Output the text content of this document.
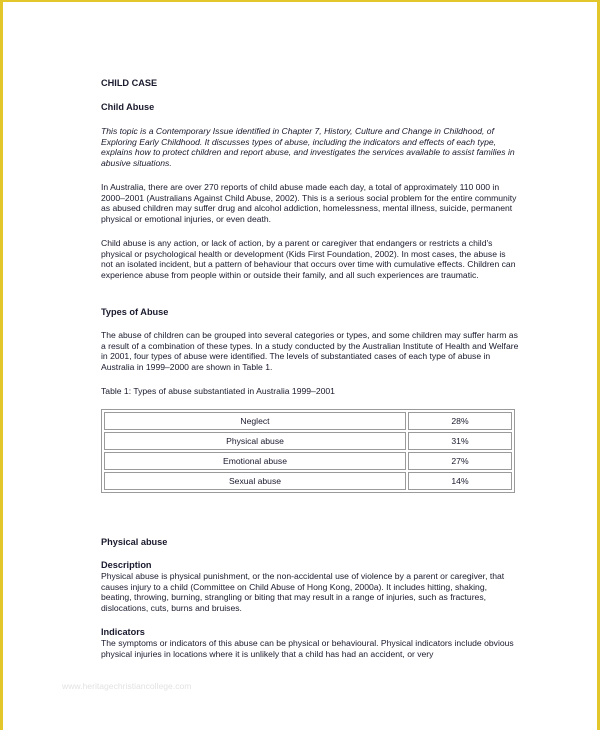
CHILD CASE
Child Abuse

This topic is a Contemporary Issue identified in Chapter 7, History, Culture and Change in Childhood, of Exploring Early Childhood. It discusses types of abuse, including the indicators and effects of each type, explains how to protect children and report abuse, and investigates the services available to assist families in abusive situations.

In Australia, there are over 270 reports of child abuse made each day, a total of approximately 110 000 in 2000–2001 (Australians Against Child Abuse, 2002). This is a serious social problem for the entire community as abused children may suffer drug and alcohol addiction, homelessness, mental illness, suicide, permanent physical or emotional injuries, or even death.

Child abuse is any action, or lack of action, by a parent or caregiver that endangers or restricts a child's physical or psychological health or development (Kids First Foundation, 2002). In most cases, the abuse is not an isolated incident, but a pattern of behaviour that occurs over time with cumulative effects. Children can experience abuse from people within or outside their family, and all such experiences are traumatic.

Types of Abuse

The abuse of children can be grouped into several categories or types, and some children may suffer harm as a result of a combination of these types. In a study conducted by the Australian Institute of Health and Welfare in 2001, four types of abuse were identified. The levels of substantiated cases of each type of abuse in Australia in 1999–2000 are shown in Table 1.

Table 1: Types of abuse substantiated in Australia 1999–2001
Neglect	28%
Physical abuse	31%
Emotional abuse	27%
Sexual abuse	14%
Physical abuse
Description

Physical abuse is physical punishment, or the non-accidental use of violence by a parent or caregiver, that causes injury to a child (Committee on Child Abuse of Hong Kong, 2000a). It includes hitting, shaking, beating, throwing, burning, strangling or biting that may result in a range of injuries, such as fractures, dislocations, cuts, burns and bruises.

Indicators

The symptoms or indicators of this abuse can be physical or behavioural. Physical indicators include obvious physical injuries in locations where it is unlikely that a child has had an accident, or very

www.heritagechristiancollege.com
